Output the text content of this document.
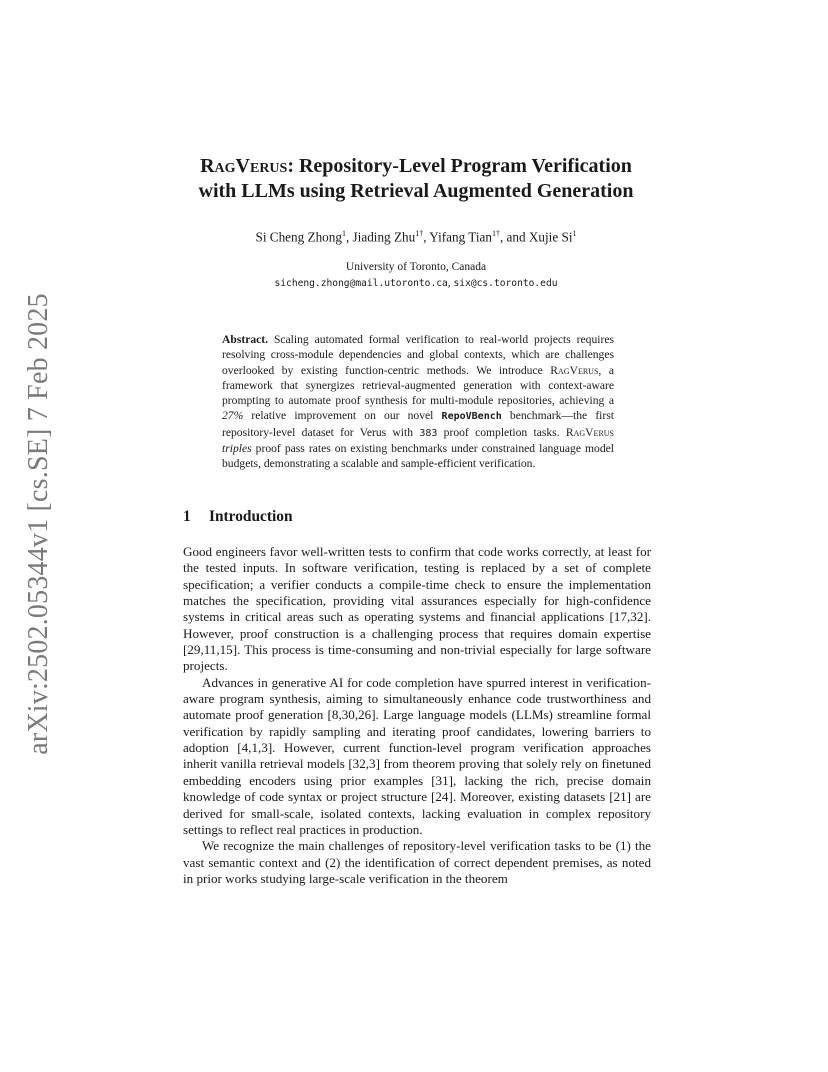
arXiv:2502.05344v1 [cs.SE] 7 Feb 2025
RagVerus: Repository-Level Program Verification
with LLMs using Retrieval Augmented Generation
Si Cheng Zhong$^1$, Jiading Zhu$^{1\dagger}$, Yifang Tian$^{1\dagger}$, and Xujie Si$^1$
University of Toronto, Canada
sicheng.zhong@mail.utoronto.ca, six@cs.toronto.edu

Abstract. Scaling automated formal verification to real-world projects requires resolving cross-module dependencies and global contexts, which are challenges overlooked by existing function-centric methods. We introduce RagVerus, a framework that synergizes retrieval-augmented generation with context-aware prompting to automate proof synthesis for multi-module repositories, achieving a 27% relative improvement on our novel RepoVBench benchmark—the first repository-level dataset for Verus with 383 proof completion tasks. RagVerus triples proof pass rates on existing benchmarks under constrained language model budgets, demonstrating a scalable and sample-efficient verification.

1 Introduction

Good engineers favor well-written tests to confirm that code works correctly, at least for the tested inputs. In software verification, testing is replaced by a set of complete specification; a verifier conducts a compile-time check to ensure the implementation matches the specification, providing vital assurances especially for high-confidence systems in critical areas such as operating systems and financial applications [17,32]. However, proof construction is a challenging process that requires domain expertise [29,11,15]. This process is time-consuming and non-trivial especially for large software projects.

Advances in generative AI for code completion have spurred interest in verification-aware program synthesis, aiming to simultaneously enhance code trustworthiness and automate proof generation [8,30,26]. Large language models (LLMs) streamline formal verification by rapidly sampling and iterating proof candidates, lowering barriers to adoption [4,1,3]. However, current function-level program verification approaches inherit vanilla retrieval models [32,3] from theorem proving that solely rely on finetuned embedding encoders using prior examples [31], lacking the rich, precise domain knowledge of code syntax or project structure [24]. Moreover, existing datasets [21] are derived for small-scale, isolated contexts, lacking evaluation in complex repository settings to reflect real practices in production.

We recognize the main challenges of repository-level verification tasks to be (1) the vast semantic context and (2) the identification of correct dependent premises, as noted in prior works studying large-scale verification in the theorem
